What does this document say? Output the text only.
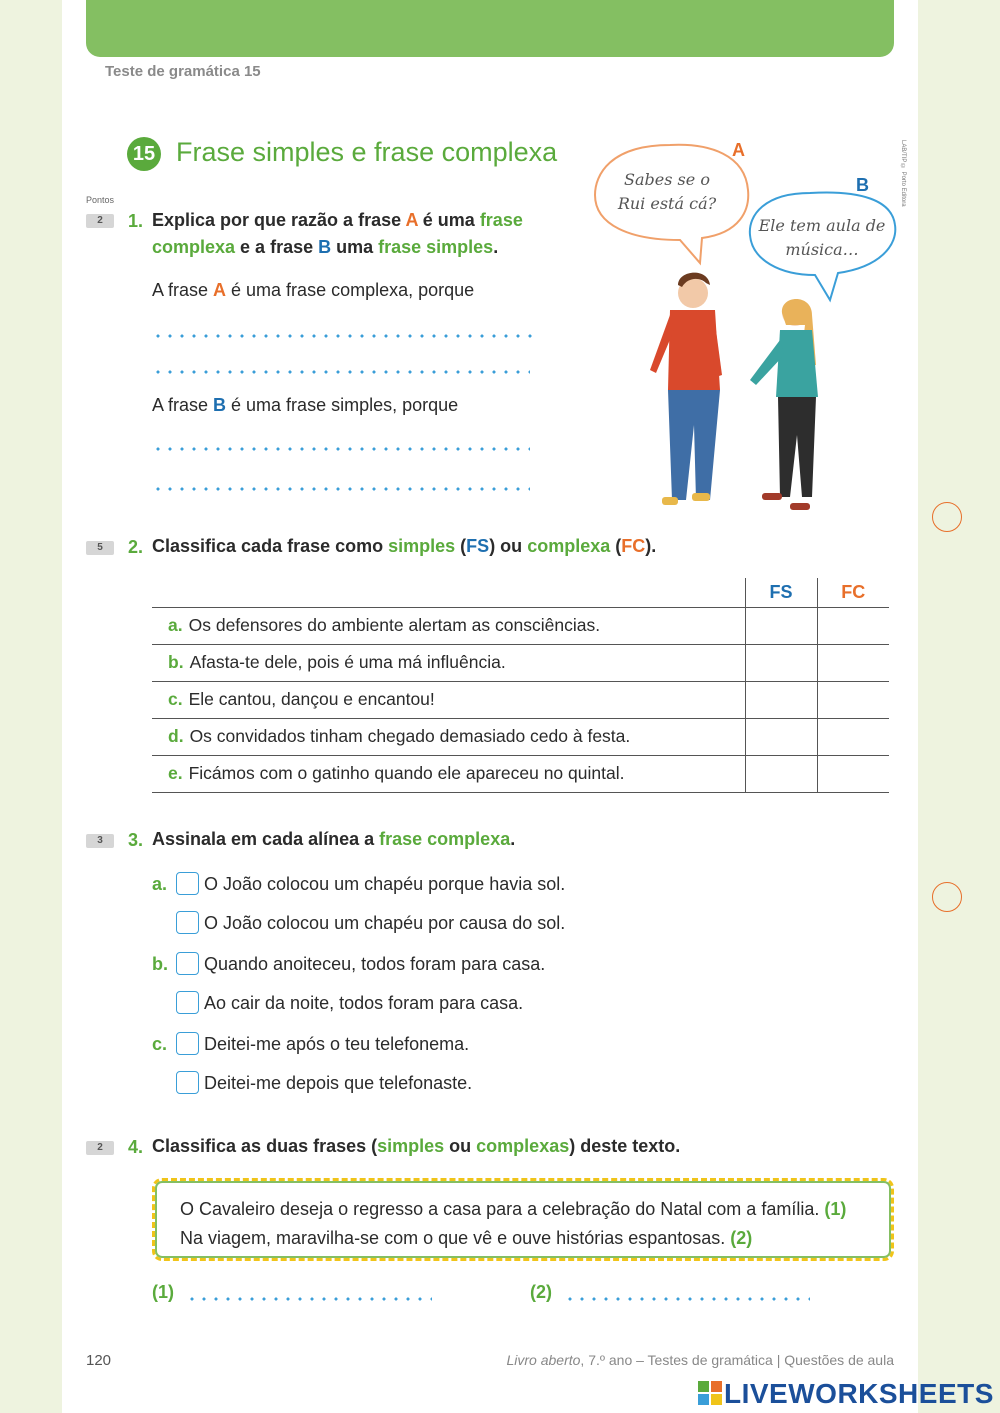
Teste de gramática 15
15 Frase simples e frase complexa
Pontos
A
B
Sabes se o Rui está cá?
Ele tem aula de música…
LAB/TIP © Porto Editora
2	1. Explica por que razão a frase A é uma frase complexa e a frase B uma frase simples.
A frase A é uma frase complexa, porque
A frase B é uma frase simples, porque
5	2. Classifica cada frase como simples (FS) ou complexa (FC).
	FS	FC
a. Os defensores do ambiente alertam as consciências.		
b. Afasta-te dele, pois é uma má influência.		
c. Ele cantou, dançou e encantou!		
d. Os convidados tinham chegado demasiado cedo à festa.		
e. Ficámos com o gatinho quando ele apareceu no quintal.		
3	3. Assinala em cada alínea a frase complexa.
a. O João colocou um chapéu porque havia sol.
O João colocou um chapéu por causa do sol.
b. Quando anoiteceu, todos foram para casa.
Ao cair da noite, todos foram para casa.
c. Deitei-me após o teu telefonema.
Deitei-me depois que telefonaste.
2	4. Classifica as duas frases (simples ou complexas) deste texto.
O Cavaleiro deseja o regresso a casa para a celebração do Natal com a família. (1)
Na viagem, maravilha-se com o que vê e ouve histórias espantosas. (2)
(1)	(2)
120	Livro aberto, 7.º ano – Testes de gramática | Questões de aula
LIVEWORKSHEETS
